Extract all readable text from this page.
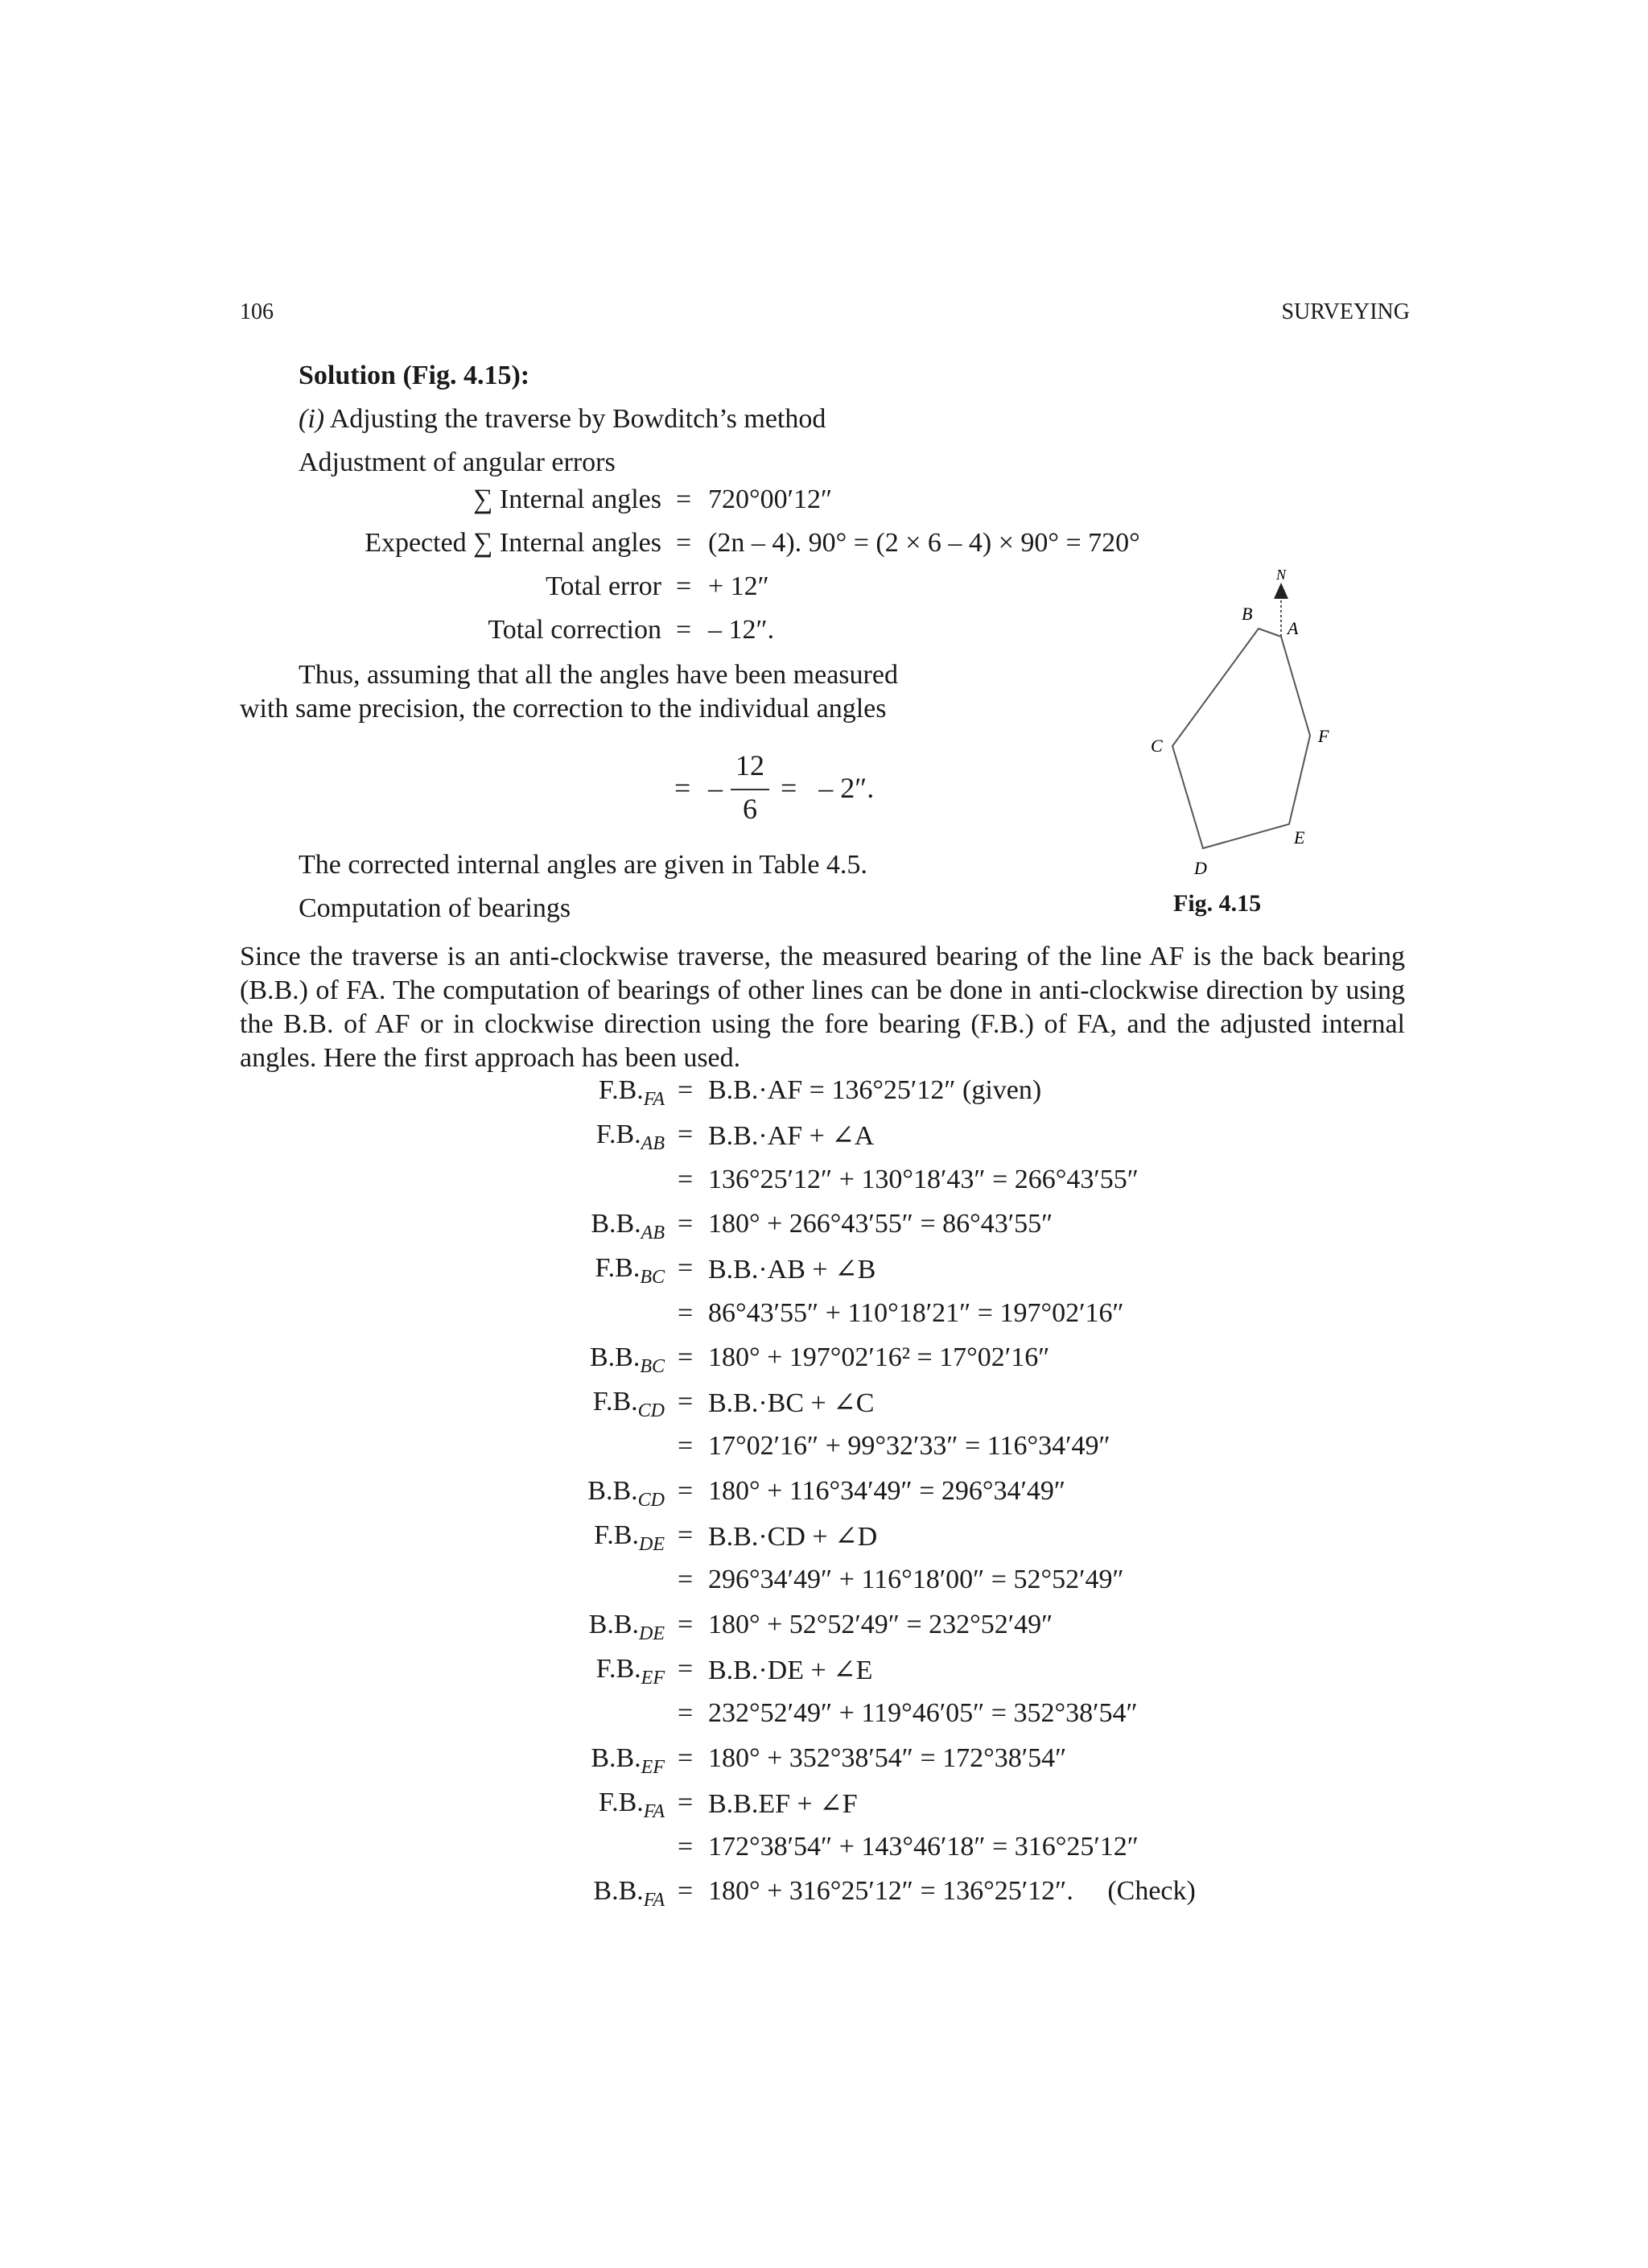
106	SURVEYING
Solution (Fig. 4.15):
(i) Adjusting the traverse by Bowditch’s method
Adjustment of angular errors
∑ Internal angles = 720°00′12″
Expected ∑ Internal angles = (2n – 4). 90° = (2 × 6 – 4) × 90° = 720°
Total error = + 12″
Total correction = – 12″.
Thus, assuming that all the angles have been measured
with same precision, the correction to the individual angles
= –
12
6
=   – 2″.
The corrected internal angles are given in Table 4.5.
Computation of bearings
N
A
B
C
D
E
F
Fig. 4.15
Since the traverse is an anti-clockwise traverse, the measured bearing of the line AF is the back bearing (B.B.) of FA. The computation of bearings of other lines can be done in anti-clockwise direction by using the B.B. of AF or in clockwise direction using the fore bearing (F.B.) of FA, and the adjusted internal angles. Here the first approach has been used.
$F.B._{FA} = B.B.\cdot AF = 136^\circ 25'12''$ (given)
$F.B._{AB} = B.B.\cdot AF$ + ∠A
= 136°25′12″ + 130°18′43″ = 266°43′55″
$B.B._{AB} = 180^\circ + 266^\circ 43'55'' = 86^\circ 43'55''$
$F.B._{BC} = B.B.\cdot AB$ + ∠B
= 86°43′55″ + 110°18′21″ = 197°02′16″
$B.B._{BC} = 180^\circ + 197^\circ 02'16^2 = 17^\circ 02'16''$
$F.B._{CD} = B.B.\cdot BC$ + ∠C
= 17°02′16″ + 99°32′33″ = 116°34′49″
$B.B._{CD} = 180^\circ + 116^\circ 34'49'' = 296^\circ 34'49''$
$F.B._{DE} = B.B.\cdot CD$ + ∠D
= 296°34′49″ + 116°18′00″ = 52°52′49″
$B.B._{DE} = 180^\circ + 52^\circ 52'49'' = 232^\circ 52'49''$
$F.B._{EF} = B.B.\cdot DE$ + ∠E
= 232°52′49″ + 119°46′05″ = 352°38′54″
$B.B._{EF} = 180^\circ + 352^\circ 38'54'' = 172^\circ 38'54''$
$F.B._{FA} = B.B.EF$ + ∠F
= 172°38′54″ + 143°46′18″ = 316°25′12″
$B.B._{FA} = 180^\circ + 316^\circ 25'12'' = 136^\circ 25'12''$.     (Check)
